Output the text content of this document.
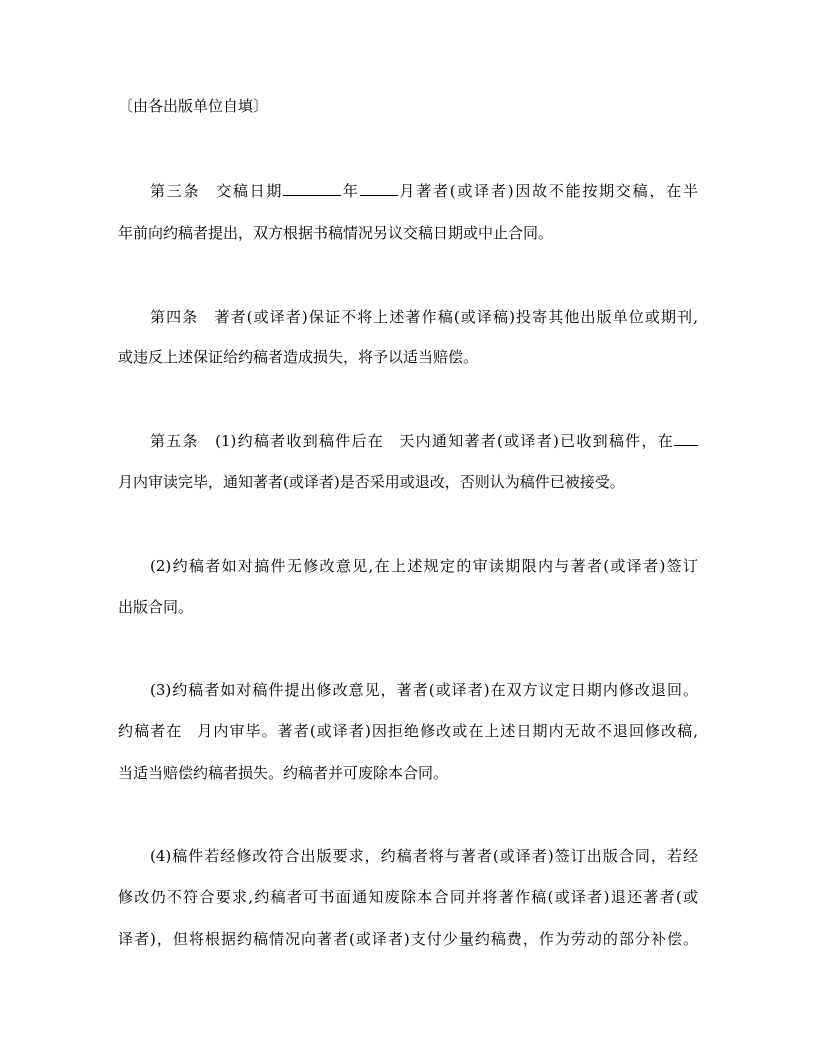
〔由各出版单位自填〕
第三条 交稿日期	年	月著者(或译者)因故不能按期交稿，在半
年前向约稿者提出，双方根据书稿情况另议交稿日期或中止合同。
第四条　著者(或译者)保证不将上述著作稿(或译稿)投寄其他出版单位或期刊,
或违反上述保证给约稿者造成损失，将予以适当赔偿。
第五条　(1)约稿者收到稿件后在 天内通知著者(或译者)已收到稿件，在
月内审读完毕，通知著者(或译者)是否采用或退改，否则认为稿件已被接受。
(2)约稿者如对搞件无修改意见,在上述规定的审读期限内与著者(或译者)签订
出版合同。
(3)约稿者如对稿件提出修改意见，著者(或译者)在双方议定日期内修改退回。
约稿者在 月内审毕。著者(或译者)因拒绝修改或在上述日期内无故不退回修改稿,
当适当赔偿约稿者损失。约稿者并可废除本合同。
(4)稿件若经修改符合出版要求，约稿者将与著者(或译者)签订出版合同，若经
修改仍不符合要求,约稿者可书面通知废除本合同并将著作稿(或译者)退还著者(或
译者)，但将根据约稿情况向著者(或译者)支付少量约稿费，作为劳动的部分补偿。
